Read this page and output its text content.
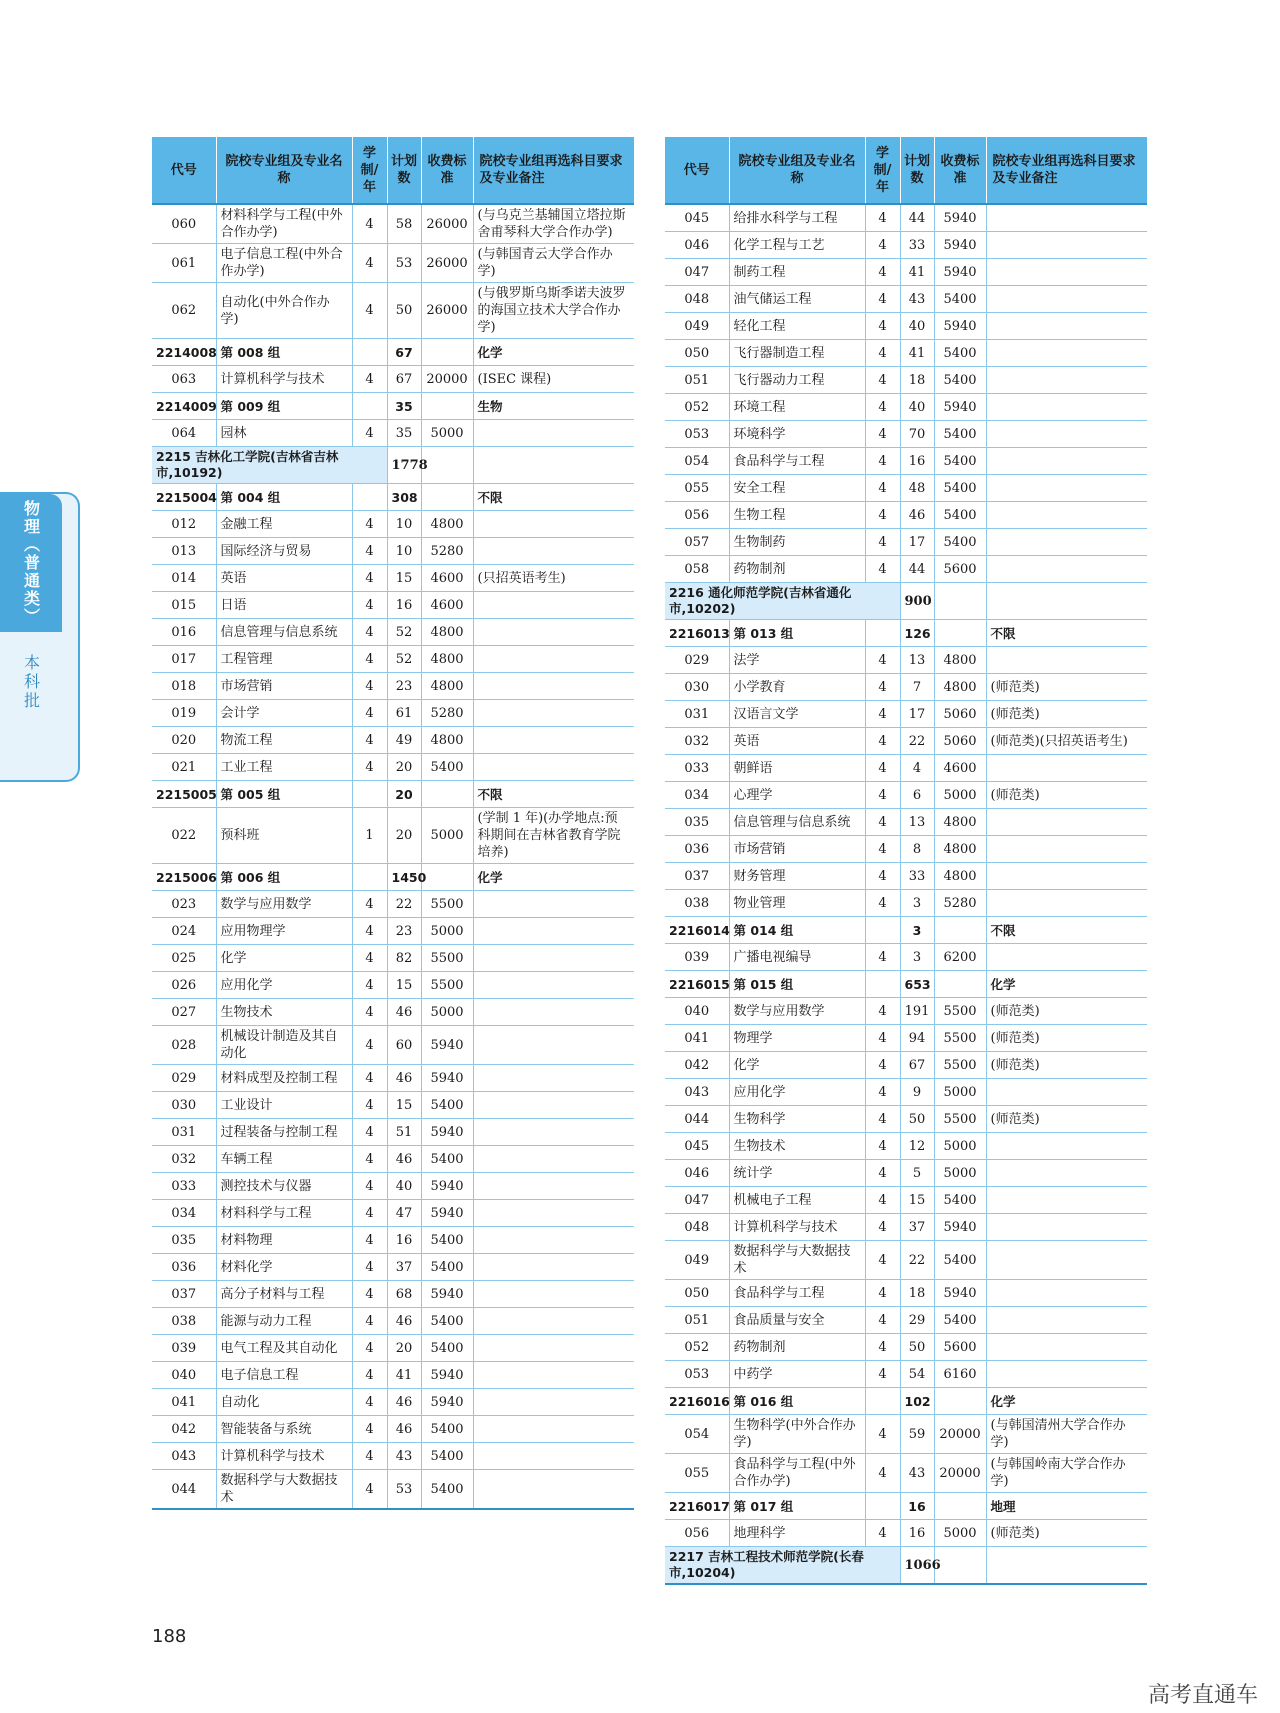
物理（普通类）
本科批
代号	院校专业组及专业名称	学制/年	计划数	收费标准	院校专业组再选科目要求及专业备注
060	材料科学与工程(中外合作办学)	4	58	26000	(与乌克兰基辅国立塔拉斯舍甫琴科大学合作办学)
061	电子信息工程(中外合作办学)	4	53	26000	(与韩国青云大学合作办学)
062	自动化(中外合作办学)	4	50	26000	(与俄罗斯乌斯季诺夫波罗的海国立技术大学合作办学)
2214008	第 008 组		67		化学
063	计算机科学与技术	4	67	20000	(ISEC 课程)
2214009	第 009 组		35		生物
064	园林	4	35	5000	
2215 吉林化工学院(吉林省吉林市,10192)			1778		
2215004	第 004 组		308		不限
012	金融工程	4	10	4800	
013	国际经济与贸易	4	10	5280	
014	英语	4	15	4600	(只招英语考生)
015	日语	4	16	4600	
016	信息管理与信息系统	4	52	4800	
017	工程管理	4	52	4800	
018	市场营销	4	23	4800	
019	会计学	4	61	5280	
020	物流工程	4	49	4800	
021	工业工程	4	20	5400	
2215005	第 005 组		20		不限
022	预科班	1	20	5000	(学制 1 年)(办学地点:预科期间在吉林省教育学院培养)
2215006	第 006 组		1450		化学
023	数学与应用数学	4	22	5500	
024	应用物理学	4	23	5000	
025	化学	4	82	5500	
026	应用化学	4	15	5500	
027	生物技术	4	46	5000	
028	机械设计制造及其自动化	4	60	5940	
029	材料成型及控制工程	4	46	5940	
030	工业设计	4	15	5400	
031	过程装备与控制工程	4	51	5940	
032	车辆工程	4	46	5400	
033	测控技术与仪器	4	40	5940	
034	材料科学与工程	4	47	5940	
035	材料物理	4	16	5400	
036	材料化学	4	37	5400	
037	高分子材料与工程	4	68	5940	
038	能源与动力工程	4	46	5400	
039	电气工程及其自动化	4	20	5400	
040	电子信息工程	4	41	5940	
041	自动化	4	46	5940	
042	智能装备与系统	4	46	5400	
043	计算机科学与技术	4	43	5400	
044	数据科学与大数据技术	4	53	5400	
代号	院校专业组及专业名称	学制/年	计划数	收费标准	院校专业组再选科目要求及专业备注
045	给排水科学与工程	4	44	5940	
046	化学工程与工艺	4	33	5940	
047	制药工程	4	41	5940	
048	油气储运工程	4	43	5400	
049	轻化工程	4	40	5940	
050	飞行器制造工程	4	41	5400	
051	飞行器动力工程	4	18	5400	
052	环境工程	4	40	5940	
053	环境科学	4	70	5400	
054	食品科学与工程	4	16	5400	
055	安全工程	4	48	5400	
056	生物工程	4	46	5400	
057	生物制药	4	17	5400	
058	药物制剂	4	44	5600	
2216 通化师范学院(吉林省通化市,10202)			900		
2216013	第 013 组		126		不限
029	法学	4	13	4800	
030	小学教育	4	7	4800	(师范类)
031	汉语言文学	4	17	5060	(师范类)
032	英语	4	22	5060	(师范类)(只招英语考生)
033	朝鲜语	4	4	4600	
034	心理学	4	6	5000	(师范类)
035	信息管理与信息系统	4	13	4800	
036	市场营销	4	8	4800	
037	财务管理	4	33	4800	
038	物业管理	4	3	5280	
2216014	第 014 组		3		不限
039	广播电视编导	4	3	6200	
2216015	第 015 组		653		化学
040	数学与应用数学	4	191	5500	(师范类)
041	物理学	4	94	5500	(师范类)
042	化学	4	67	5500	(师范类)
043	应用化学	4	9	5000	
044	生物科学	4	50	5500	(师范类)
045	生物技术	4	12	5000	
046	统计学	4	5	5000	
047	机械电子工程	4	15	5400	
048	计算机科学与技术	4	37	5940	
049	数据科学与大数据技术	4	22	5400	
050	食品科学与工程	4	18	5940	
051	食品质量与安全	4	29	5400	
052	药物制剂	4	50	5600	
053	中药学	4	54	6160	
2216016	第 016 组		102		化学
054	生物科学(中外合作办学)	4	59	20000	(与韩国清州大学合作办学)
055	食品科学与工程(中外合作办学)	4	43	20000	(与韩国岭南大学合作办学)
2216017	第 017 组		16		地理
056	地理科学	4	16	5000	(师范类)
2217 吉林工程技术师范学院(长春市,10204)			1066		
188
高考直通车
